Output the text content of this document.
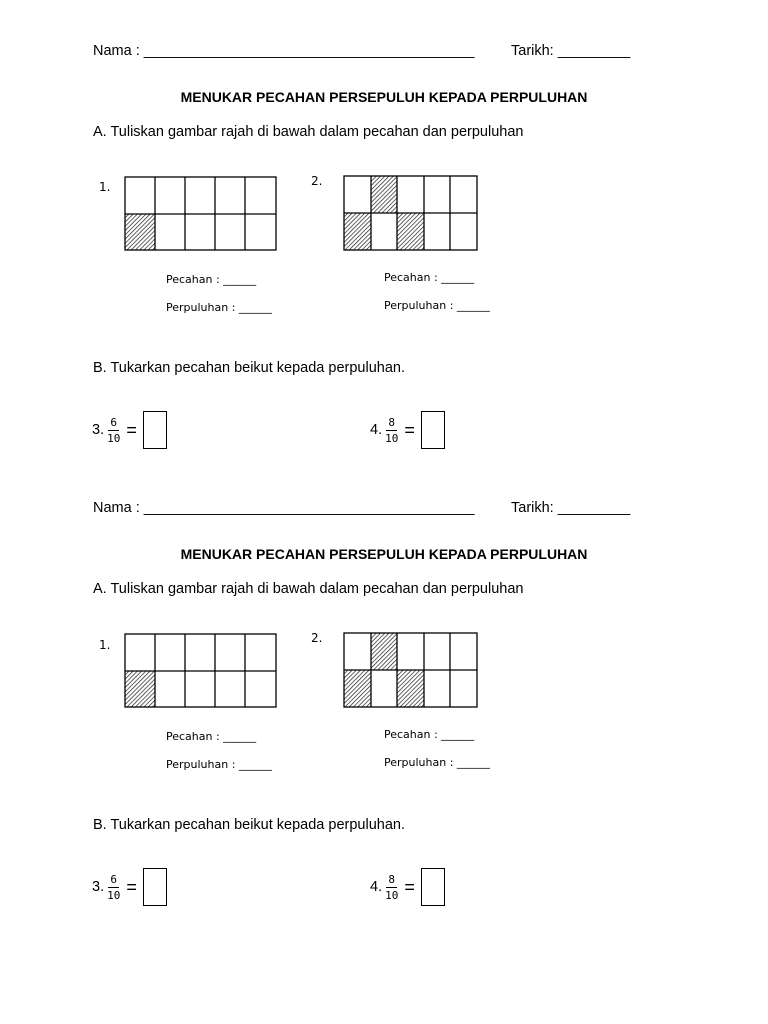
Nama : _________________________________________	Tarikh: _________
MENUKAR PECAHAN PERSEPULUH KEPADA PERPULUHAN
A. Tuliskan gambar rajah di bawah dalam pecahan dan perpuluhan
1.	2.
Pecahan : ______
Perpuluhan : ______
Pecahan : ______
Perpuluhan : ______
B. Tukarkan pecahan beikut kepada perpuluhan.
3. $\frac{6}{10}$ =	4. $\frac{8}{10}$ =
Nama : _________________________________________	Tarikh: _________
MENUKAR PECAHAN PERSEPULUH KEPADA PERPULUHAN
A. Tuliskan gambar rajah di bawah dalam pecahan dan perpuluhan
1.	2.
Pecahan : ______
Perpuluhan : ______
Pecahan : ______
Perpuluhan : ______
B. Tukarkan pecahan beikut kepada perpuluhan.
3. $\frac{6}{10}$ =	4. $\frac{8}{10}$ =
